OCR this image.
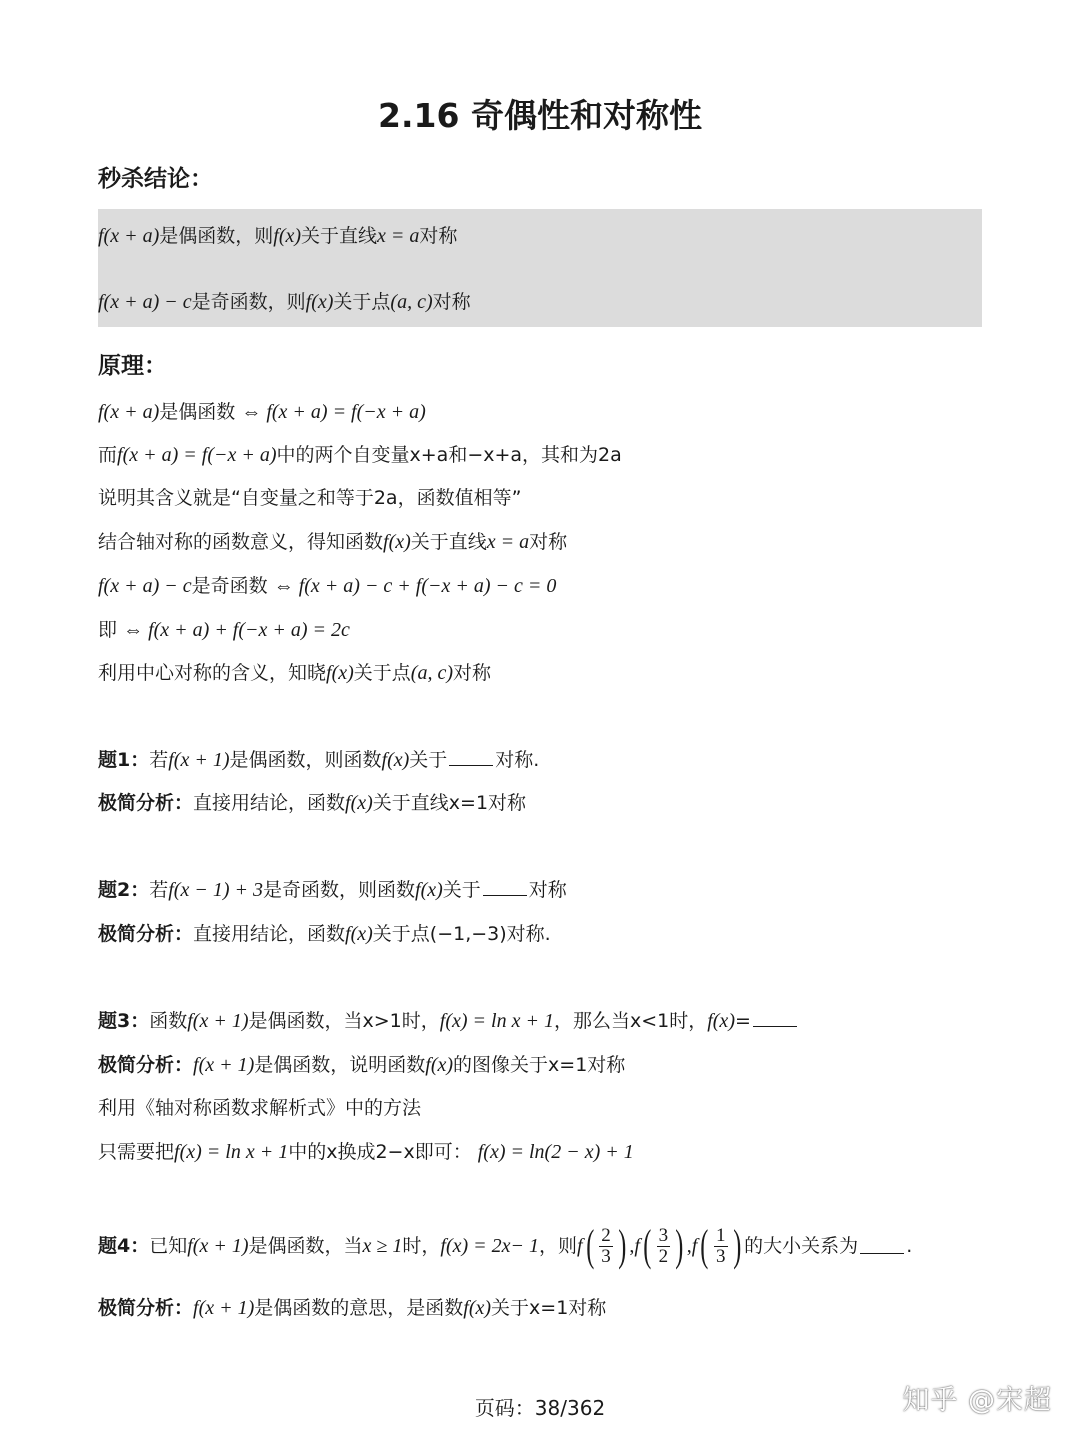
2.16 奇偶性和对称性
秒杀结论：
f(x + a)是偶函数，则f(x)关于直线x = a对称
f(x + a) − c是奇函数，则f(x)关于点(a, c)对称
原理：
f(x + a)是偶函数 ⇔ f(x + a) = f(−x + a)
而f(x + a) = f(−x + a)中的两个自变量x+a和−x+a，其和为2a
说明其含义就是“自变量之和等于2a，函数值相等”
结合轴对称的函数意义，得知函数f(x)关于直线x = a对称
f(x + a) − c是奇函数 ⇔ f(x + a) − c + f(−x + a) − c = 0
即 ⇔ f(x + a) + f(−x + a) = 2c
利用中心对称的含义，知晓f(x)关于点(a, c)对称
题1：若f(x + 1)是偶函数，则函数f(x)关于	对称.
极简分析：直接用结论，函数f(x)关于直线x=1对称
题2：若f(x − 1) + 3是奇函数，则函数f(x)关于	对称
极简分析：直接用结论，函数f(x)关于点(−1,−3)对称.
题3：函数f(x + 1)是偶函数，当x>1时，f(x) = ln x + 1，那么当x<1时，f(x)=
极简分析：f(x + 1)是偶函数，说明函数f(x)的图像关于x=1对称
利用《轴对称函数求解析式》中的方法
只需要把f(x) = ln x + 1中的x换成2−x即可： f(x) = ln(2 − x) + 1
题4： 已知 f(x + 1) 是偶函数，当 x ≥ 1 时， f(x) = 2 x − 1 ，则 f ( $\frac{2}{3}$ ) , f ( $\frac{3}{2}$ ) , f ( $\frac{1}{3}$ ) 的大小关系为	.
极简分析：f(x + 1)是偶函数的意思，是函数f(x)关于x=1对称
页码：38/362	知乎 @宋超
